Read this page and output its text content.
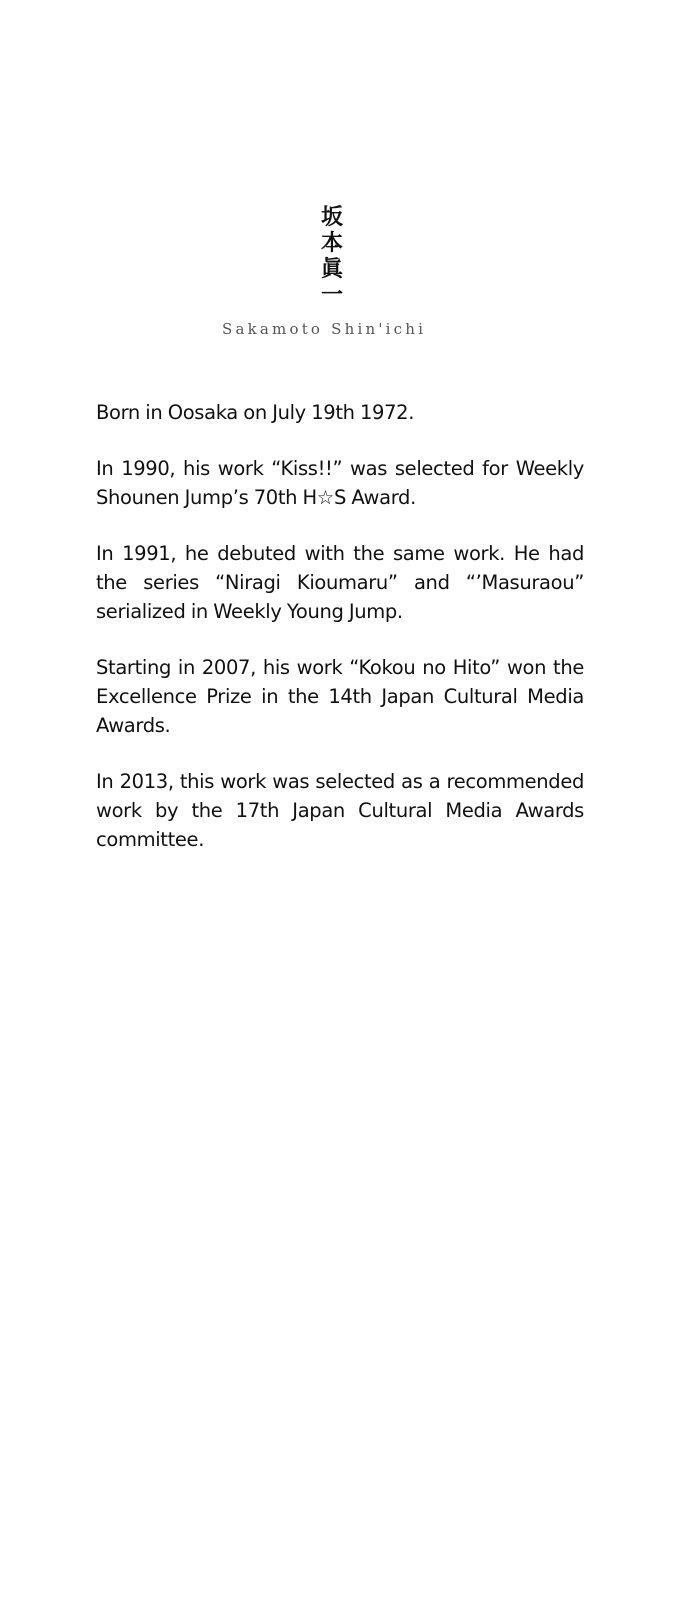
坂
本
眞
一
Sakamoto Shin'ichi

Born in Oosaka on July 19th 1972.

In 1990, his work “Kiss!!” was selected for Weekly Shounen Jump’s 70th H☆S Award.

In 1991, he debuted with the same work. He had the series “Niragi Kioumaru” and “’Masuraou” serialized in Weekly Young Jump.

Starting in 2007, his work “Kokou no Hito” won the Excellence Prize in the 14th Japan Cultural Media Awards.

In 2013, this work was selected as a recommended work by the 17th Japan Cultural Media Awards committee.
